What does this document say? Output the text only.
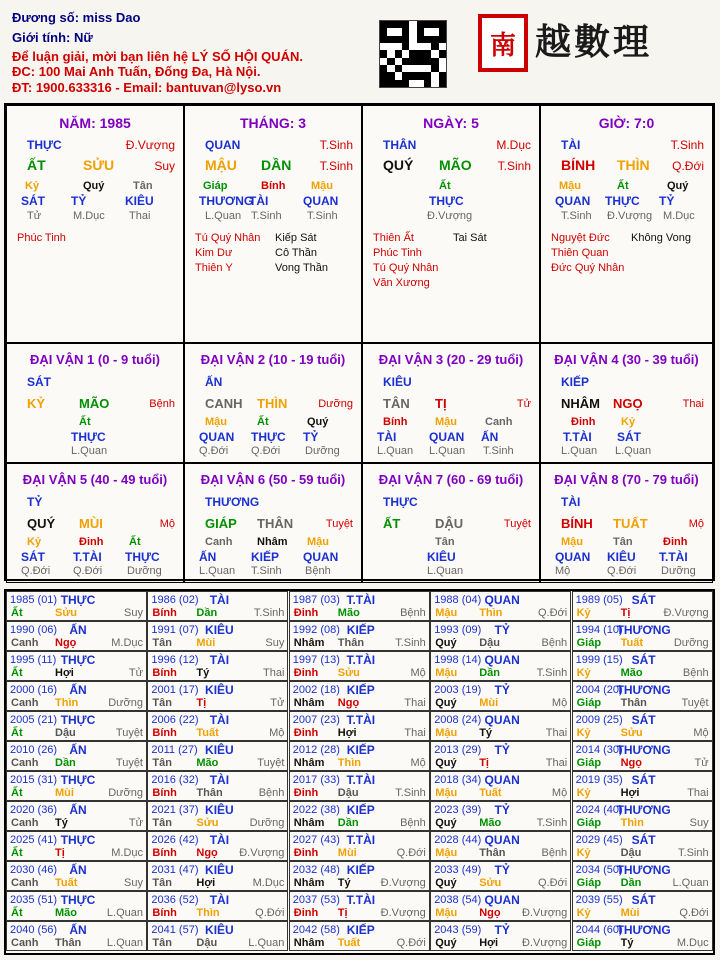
Đương số: miss Dao
Giới tính: Nữ
Để luận giải, mời bạn liên hệ LÝ SỐ HỘI QUÁN.
ĐC: 100 Mai Anh Tuấn, Đống Đa, Hà Nội.
ĐT: 1900.633316 - Email: bantuvan@lyso.vn
南 越數理
NĂM: 1985
THỰC	Đ.Vượng
ẤT	SỬU	Suy
Kỷ	Quý	Tân
SÁT TỶ	KIÊU
Tử	M.Dục Thai
Phúc Tinh
THÁNG: 3
QUAN	T.Sinh
MẬU DẦN T.Sinh
Giáp	Bính Mậu
THƯƠNG
TÀI	QUAN
L.Quan T.Sinh T.Sinh
Tú Quý Nhân Kiếp Sát
Kim Dư	Cô Thần
Thiên Y	Vong Thần
NGÀY: 5
THÂN	M.Dục
QUÝ MÃO T.Sinh
Ất
THỰC
Đ.Vượng
Thiên Ất	Tai Sát
Phúc Tinh
Tú Quý Nhân
Văn Xương
GIỜ: 7:0
TÀI	T.Sinh
BÍNH THÌN Q.Đới
Mậu	Ất	Quý
QUAN THỰC TỶ
T.Sinh Đ.Vượng M.Dục
Nguyệt Đức Không Vong
Thiên Quan
Đức Quý Nhân
ĐẠI VẬN 1 (0 - 9 tuổi)
SÁT
KỶ	MÃO	Bệnh
Ất
THỰC
L.Quan
ĐẠI VẬN 2 (10 - 19 tuổi)
ẤN
CANH THÌN	Dưỡng
Mậu	Ất	Quý
QUAN THỰC TỶ
Q.Đới Q.Đới Dưỡng
ĐẠI VẬN 3 (20 - 29 tuổi)
KIÊU
TÂN TỊ	Tử
Bính	Mậu	Canh
TÀI	QUAN ẤN
L.Quan L.Quan T.Sinh
ĐẠI VẬN 4 (30 - 39 tuổi)
KIẾP
NHÂM NGỌ	Thai
Đinh Kỷ
T.TÀI SÁT
L.Quan L.Quan
ĐẠI VẬN 5 (40 - 49 tuổi)
TỶ
QUÝ MÙI	Mộ
Kỷ	Đinh Ất
SÁT T.TÀI THỰC
Q.Đới Q.Đới Dưỡng
ĐẠI VẬN 6 (50 - 59 tuổi)
THƯƠNG
GIÁP THÂN	Tuyệt
Canh Nhâm Mậu
ẤN	KIẾP QUAN
L.Quan T.Sinh Bệnh
ĐẠI VẬN 7 (60 - 69 tuổi)
THỰC
ẤT	DẬU	Tuyệt
Tân
KIÊU
L.Quan
ĐẠI VẬN 8 (70 - 79 tuổi)
TÀI
BÍNH TUẤT	Mộ
Mậu	Tân	Đinh
QUAN KIÊU T.TÀI
Mộ	Q.Đới Dưỡng
1985 (01) THỰC
Ất	Sửu	Suy
1986 (02) TÀI
Bính Dần	T.Sinh
1987 (03) T.TÀI
Đinh Mão	Bệnh
1988 (04) QUAN
Mậu Thìn	Q.Đới
1989 (05) SÁT
Kỷ	Tị	Đ.Vượng
1990 (06) ẤN
Canh Ngọ	M.Dục
1991 (07) KIÊU
Tân Mùi	Suy
1992 (08) KIẾP
Nhâm Thân	T.Sinh
1993 (09) TỶ
Quý Dậu	Bệnh
1994 (10)
THƯƠNG
Giáp Tuất	Dưỡng
1995 (11) THỰC
Ất	Hợi	Tử
1996 (12) TÀI
Bính Tý	Thai
1997 (13) T.TÀI
Đinh Sửu	Mộ
1998 (14) QUAN
Mậu Dần	T.Sinh
1999 (15) SÁT
Kỷ	Mão	Bệnh
2000 (16) ẤN
Canh Thìn	Dưỡng
2001 (17) KIÊU
Tân Tị	Tử
2002 (18) KIẾP
Nhâm Ngọ	Thai
2003 (19) TỶ
Quý Mùi	Mộ
2004 (20)
THƯƠNG
Giáp Thân	Tuyệt
2005 (21) THỰC
Ất	Dậu	Tuyệt
2006 (22) TÀI
Bính Tuất	Mộ
2007 (23) T.TÀI
Đinh Hợi	Thai
2008 (24) QUAN
Mậu Tý	Thai
2009 (25) SÁT
Kỷ	Sửu	Mộ
2010 (26) ẤN
Canh Dần	Tuyệt
2011 (27) KIÊU
Tân Mão	Tuyệt
2012 (28) KIẾP
Nhâm Thìn	Mộ
2013 (29) TỶ
Quý Tị	Thai
2014 (30)
THƯƠNG
Giáp Ngọ	Tử
2015 (31) THỰC
Ất	Mùi	Dưỡng
2016 (32) TÀI
Bính Thân	Bệnh
2017 (33) T.TÀI
Đinh Dậu	T.Sinh
2018 (34) QUAN
Mậu Tuất	Mộ
2019 (35) SÁT
Kỷ	Hợi	Thai
2020 (36) ẤN
Canh Tý	Tử
2021 (37) KIÊU
Tân Sửu	Dưỡng
2022 (38) KIẾP
Nhâm Dần	Bệnh
2023 (39) TỶ
Quý Mão	T.Sinh
2024 (40)
THƯƠNG
Giáp Thìn	Suy
2025 (41) THỰC
Ất	Tị	M.Dục
2026 (42) TÀI
Bính Ngọ Đ.Vượng
2027 (43) T.TÀI
Đinh Mùi	Q.Đới
2028 (44) QUAN
Mậu Thân	Bệnh
2029 (45) SÁT
Kỷ	Dậu	T.Sinh
2030 (46) ẤN
Canh Tuất	Suy
2031 (47) KIÊU
Tân Hợi	M.Dục
2032 (48) KIẾP
Nhâm Tý	Đ.Vượng
2033 (49) TỶ
Quý Sửu	Q.Đới
2034 (50)
THƯƠNG
Giáp Dần	L.Quan
2035 (51) THỰC
Ất	Mão	L.Quan
2036 (52) TÀI
Bính Thìn	Q.Đới
2037 (53) T.TÀI
Đinh Tị	Đ.Vượng
2038 (54) QUAN
Mậu Ngọ Đ.Vượng
2039 (55) SÁT
Kỷ	Mùi	Q.Đới
2040 (56) ẤN
Canh Thân L.Quan
2041 (57) KIÊU
Tân Dậu	L.Quan
2042 (58) KIẾP
Nhâm Tuất	Q.Đới
2043 (59) TỶ
Quý Hợi Đ.Vượng
2044 (60)
THƯƠNG
Giáp Tý	M.Dục
